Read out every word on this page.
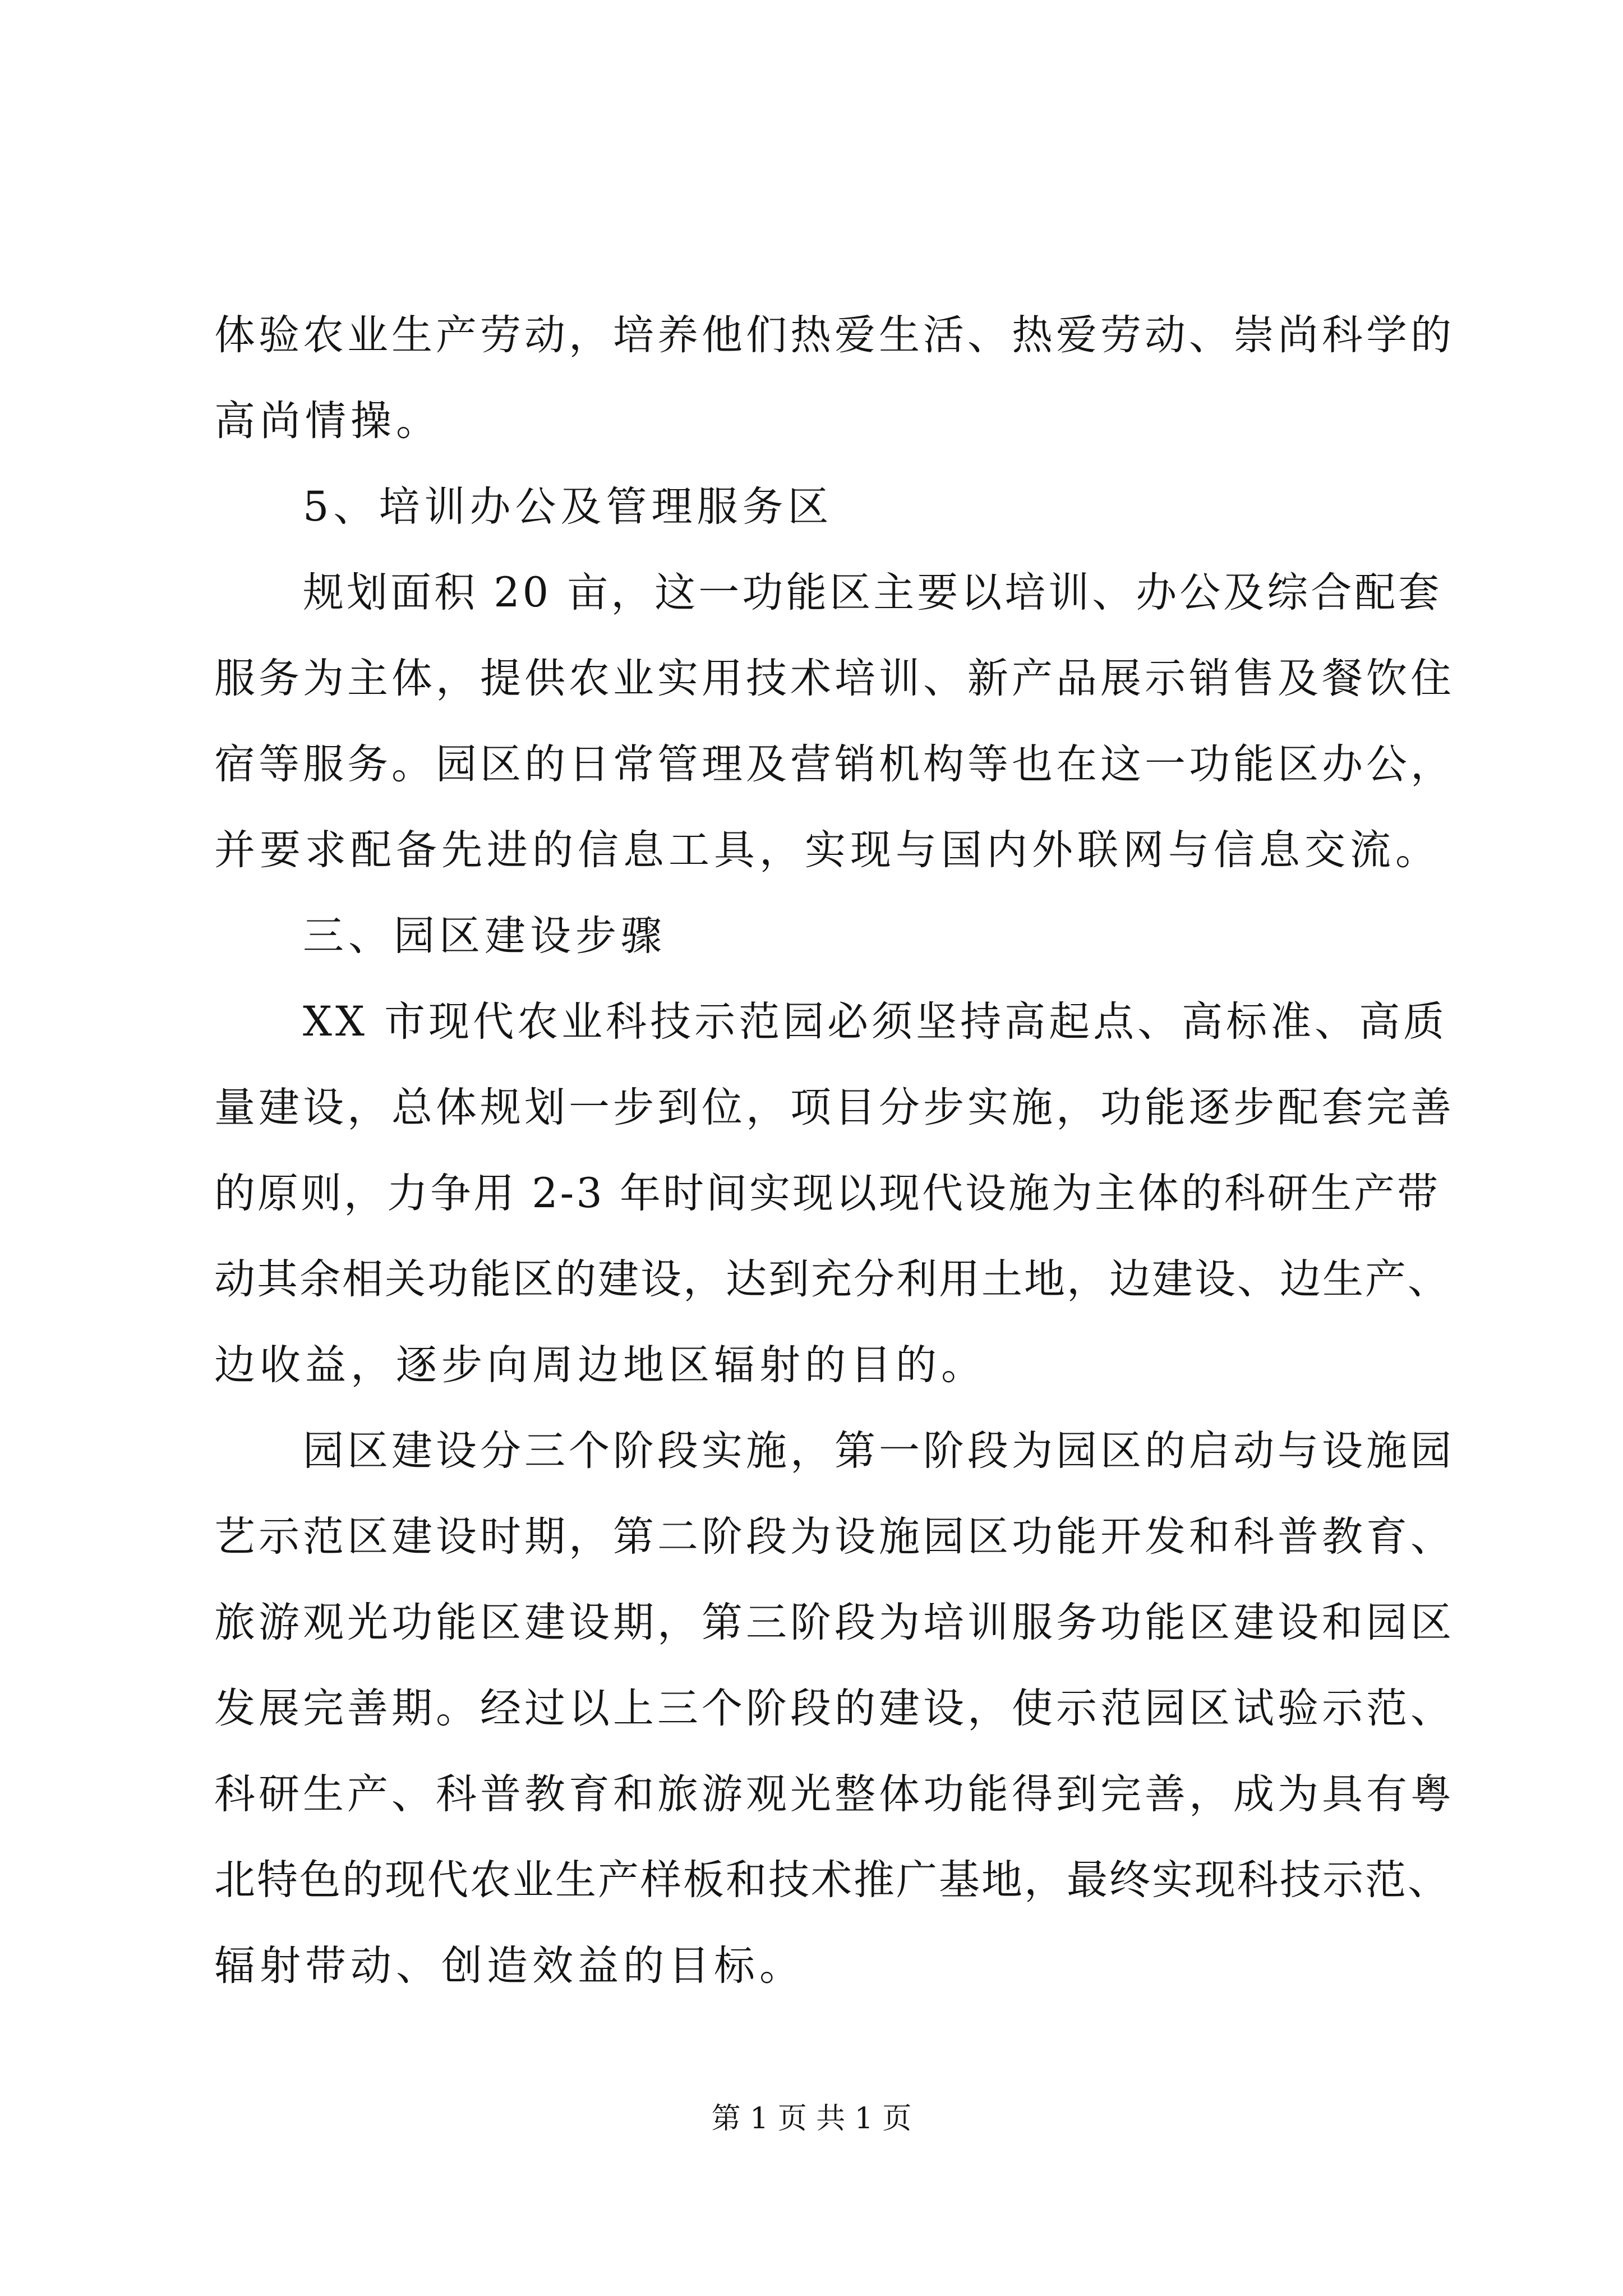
体验农业生产劳动，培养他们热爱生活、热爱劳动、崇尚科学的
高尚情操。
5、培训办公及管理服务区
规划面积 20 亩，这一功能区主要以培训、办公及综合配套
服务为主体，提供农业实用技术培训、新产品展示销售及餐饮住
宿等服务。园区的日常管理及营销机构等也在这一功能区办公，
并要求配备先进的信息工具，实现与国内外联网与信息交流。
三、园区建设步骤
XX 市现代农业科技示范园必须坚持高起点、高标准、高质
量建设，总体规划一步到位，项目分步实施，功能逐步配套完善
的原则，力争用 2-3 年时间实现以现代设施为主体的科研生产带
动其余相关功能区的建设，达到充分利用土地，边建设、边生产、
边收益，逐步向周边地区辐射的目的。
园区建设分三个阶段实施，第一阶段为园区的启动与设施园
艺示范区建设时期，第二阶段为设施园区功能开发和科普教育、
旅游观光功能区建设期，第三阶段为培训服务功能区建设和园区
发展完善期。经过以上三个阶段的建设，使示范园区试验示范、
科研生产、科普教育和旅游观光整体功能得到完善，成为具有粤
北特色的现代农业生产样板和技术推广基地，最终实现科技示范、
辐射带动、创造效益的目标。
第 1 页 共 1 页
